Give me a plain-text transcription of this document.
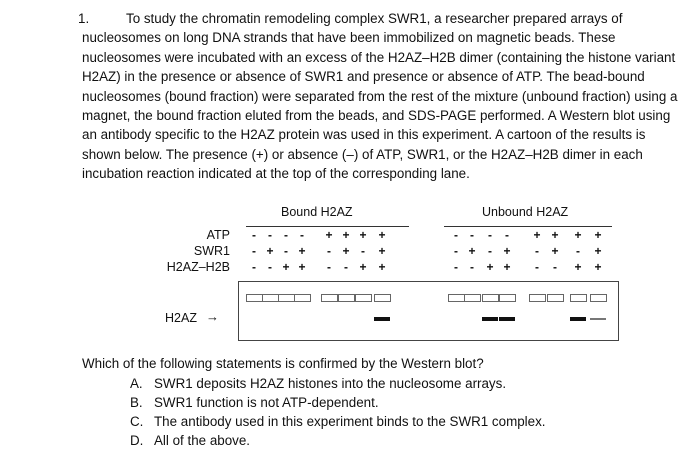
1.	To study the chromatin remodeling complex SWR1, a researcher prepared arrays of nucleosomes on long DNA strands that have been immobilized on magnetic beads. These nucleosomes were incubated with an excess of the H2AZ–H2B dimer (containing the histone variant H2AZ) in the presence or absence of SWR1 and presence or absence of ATP. The bead-bound nucleosomes (bound fraction) were separated from the rest of the mixture (unbound fraction) using a magnet, the bound fraction eluted from the beads, and SDS-PAGE performed. A Western blot using an antibody specific to the H2AZ protein was used in this experiment. A cartoon of the results is shown below. The presence (+) or absence (–) of ATP, SWR1, or the H2AZ–H2B dimer in each incubation reaction indicated at the top of the corresponding lane.

Bound H2AZ	Unbound H2AZ
ATP
SWR1
H2AZ–H2B
-
-
-
-
+
-
-
-
+
-
+
+
+
-
-
+
+
-
+
-
+
+
+
+
-
-
-
-
+
-
-
-
+
-
+
+
+
-
-
+
+
-
+
-
+
+
+
+
H2AZ →
Which of the following statements is confirmed by the Western blot?
A. SWR1 deposits H2AZ histones into the nucleosome arrays.
B. SWR1 function is not ATP-dependent.
C. The antibody used in this experiment binds to the SWR1 complex.
D. All of the above.
